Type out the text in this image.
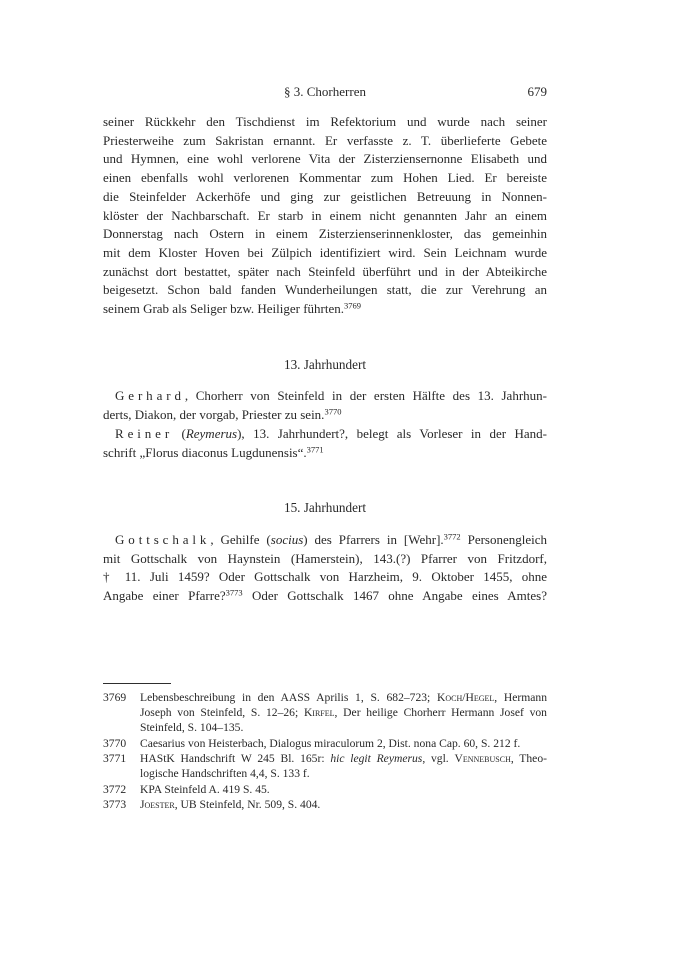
§ 3. Chorherren	679
seiner Rückkehr den Tischdienst im Refektorium und wurde nach seiner
Priesterweihe zum Sakristan ernannt. Er verfasste z. T. überlieferte Gebete
und Hymnen, eine wohl verlorene Vita der Zisterziensernonne Elisabeth und
einen ebenfalls wohl verlorenen Kommentar zum Hohen Lied. Er bereiste
die Steinfelder Ackerhöfe und ging zur geistlichen Betreuung in Nonnen-
klöster der Nachbarschaft. Er starb in einem nicht genannten Jahr an einem
Donnerstag nach Ostern in einem Zisterzienserinnenkloster, das gemeinhin
mit dem Kloster Hoven bei Zülpich identifiziert wird. Sein Leichnam wurde
zunächst dort bestattet, später nach Steinfeld überführt und in der Abteikirche
beigesetzt. Schon bald fanden Wunderheilungen statt, die zur Verehrung an
seinem Grab als Seliger bzw. Heiliger führten.$^{3769}$
13. Jahrhundert
Gerhard, Chorherr von Steinfeld in der ersten Hälfte des 13. Jahrhun-
derts, Diakon, der vorgab, Priester zu sein.$^{3770}$
Reiner (Reymerus), 13. Jahrhundert?, belegt als Vorleser in der Hand-
schrift „Florus diaconus Lugdunensis“.$^{3771}$
15. Jahrhundert
Gottschalk, Gehilfe (socius) des Pfarrers in [Wehr].$^{3772}$ Personengleich
mit Gottschalk von Haynstein (Hamerstein), 143.(?) Pfarrer von Fritzdorf,
† 11. Juli 1459? Oder Gottschalk von Harzheim, 9. Oktober 1455, ohne
Angabe einer Pfarre?$^{3773}$ Oder Gottschalk 1467 ohne Angabe eines Amtes?
3769 Lebensbeschreibung in den AASS Aprilis 1, S. 682–723; Koch/Hegel, Hermann
Joseph von Steinfeld, S. 12–26; Kirfel, Der heilige Chorherr Hermann Josef von
Steinfeld, S. 104–135.
3770 Caesarius von Heisterbach, Dialogus miraculorum 2, Dist. nona Cap. 60, S. 212 f.
3771 HAStK Handschrift W 245 Bl. 165r: hic legit Reymerus, vgl. Vennebusch, Theo-
logische Handschriften 4,4, S. 133 f.
3772 KPA Steinfeld A. 419 S. 45.
3773 Joester, UB Steinfeld, Nr. 509, S. 404.
